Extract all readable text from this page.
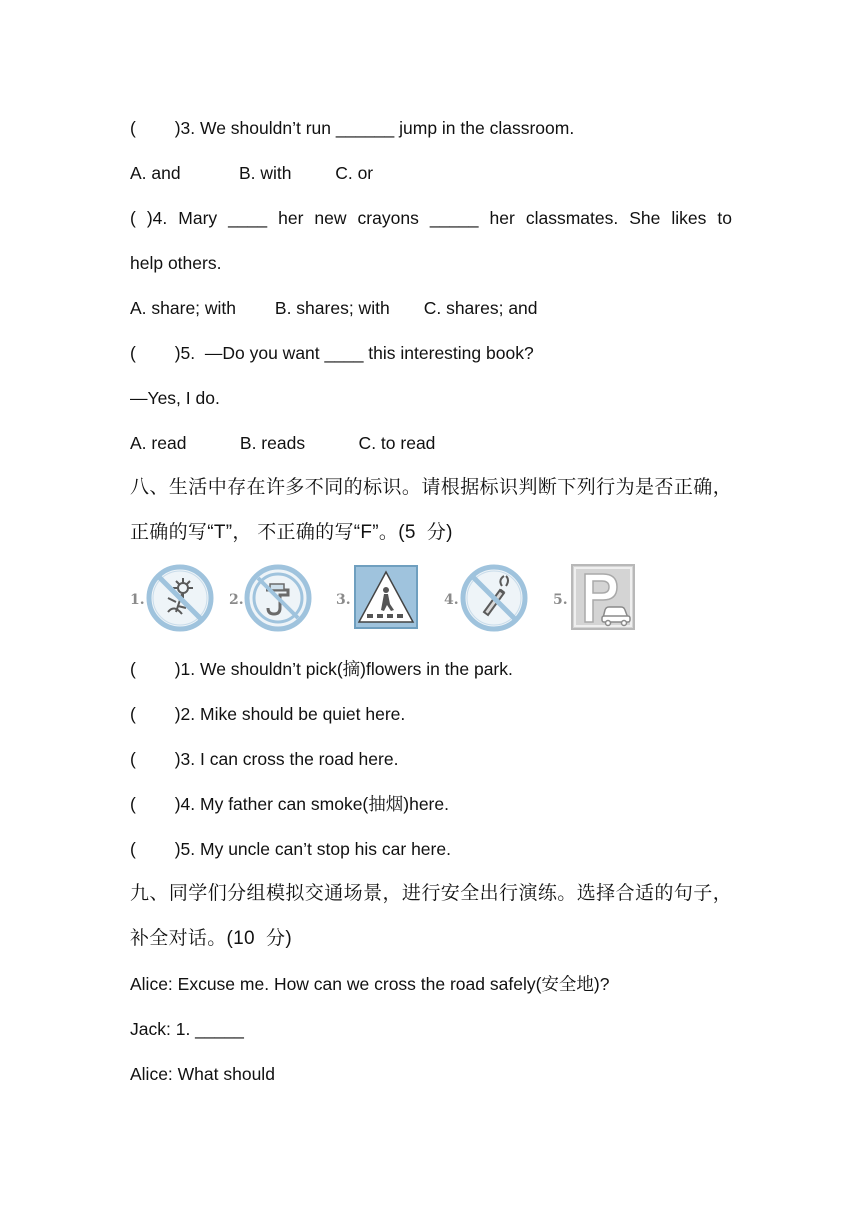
(        )3. We shouldn’t run ______ jump in the classroom.
A. and            B. with         C. or
( )4. Mary ____ her new crayons _____ her classmates. She likes to
help others.
A. share; with        B. shares; with       C. shares; and
(        )5.  —Do you want ____ this interesting book?
—Yes, I do.
A. read           B. reads           C. to read
八、生活中存在许多不同的标识。请根据标识判断下列行为是否正确，
正确的写“T”， 不正确的写“F”。(5  分)
1.	2.	3.	4.	5.
(        )1. We shouldn’t pick(摘)flowers in the park.
(        )2. Mike should be quiet here.
(        )3. I can cross the road here.
(        )4. My father can smoke(抽烟)here.
(        )5. My uncle can’t stop his car here.
九、同学们分组模拟交通场景，进行安全出行演练。选择合适的句子，
补全对话。(10  分)
Alice: Excuse me. How can we cross the road safely(安全地)?
Jack: 1. _____
Alice: What should
